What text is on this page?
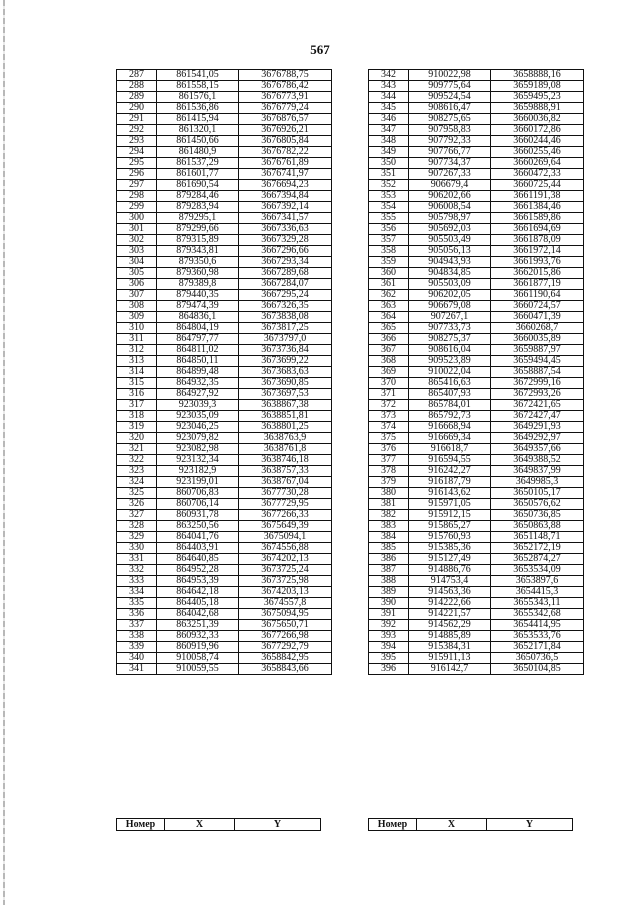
567
287	861541,05	3676788,75
288	861558,15	3676786,42
289	861576,1	3676773,91
290	861536,86	3676779,24
291	861415,94	3676876,57
292	861320,1	3676926,21
293	861450,66	3676805,84
294	861480,9	3676782,22
295	861537,29	3676761,89
296	861601,77	3676741,97
297	861690,54	3676694,23
298	879284,46	3667394,84
299	879283,94	3667392,14
300	879295,1	3667341,57
301	879299,66	3667336,63
302	879315,89	3667329,28
303	879343,81	3667296,66
304	879350,6	3667293,34
305	879360,98	3667289,68
306	879389,8	3667284,07
307	879440,35	3667295,24
308	879474,39	3667326,35
309	864836,1	3673838,08
310	864804,19	3673817,25
311	864797,77	3673797,0
312	864811,02	3673736,84
313	864850,11	3673699,22
314	864899,48	3673683,63
315	864932,35	3673690,85
316	864927,92	3673697,53
317	923039,3	3638867,38
318	923035,09	3638851,81
319	923046,25	3638801,25
320	923079,82	3638763,9
321	923082,98	3638761,8
322	923132,34	3638746,18
323	923182,9	3638757,33
324	923199,01	3638767,04
325	860706,83	3677730,28
326	860706,14	3677729,95
327	860931,78	3677266,33
328	863250,56	3675649,39
329	864041,76	3675094,1
330	864403,91	3674556,88
331	864640,85	3674202,13
332	864952,28	3673725,24
333	864953,39	3673725,98
334	864642,18	3674203,13
335	864405,18	3674557,8
336	864042,68	3675094,95
337	863251,39	3675650,71
338	860932,33	3677266,98
339	860919,96	3677292,79
340	910058,74	3658842,95
341	910059,55	3658843,66
342	910022,98	3658888,16
343	909775,64	3659189,08
344	909524,54	3659495,23
345	908616,47	3659888,91
346	908275,65	3660036,82
347	907958,83	3660172,86
348	907792,33	3660244,46
349	907766,77	3660255,46
350	907734,37	3660269,64
351	907267,33	3660472,33
352	906679,4	3660725,44
353	906202,66	3661191,38
354	906008,54	3661384,46
355	905798,97	3661589,86
356	905692,03	3661694,69
357	905503,49	3661878,09
358	905056,13	3661972,14
359	904943,93	3661993,76
360	904834,85	3662015,86
361	905503,09	3661877,19
362	906202,05	3661190,64
363	906679,08	3660724,57
364	907267,1	3660471,39
365	907733,73	3660268,7
366	908275,37	3660035,89
367	908616,04	3659887,97
368	909523,89	3659494,45
369	910022,04	3658887,54
370	865416,63	3672999,16
371	865407,93	3672993,26
372	865784,01	3672421,65
373	865792,73	3672427,47
374	916668,94	3649291,93
375	916669,34	3649292,97
376	916618,7	3649357,66
377	916594,55	3649388,52
378	916242,27	3649837,99
379	916187,79	3649985,3
380	916143,62	3650105,17
381	915971,05	3650576,62
382	915912,15	3650736,85
383	915865,27	3650863,88
384	915760,93	3651148,71
385	915385,36	3652172,19
386	915127,49	3652874,27
387	914886,76	3653534,09
388	914753,4	3653897,6
389	914563,36	3654415,3
390	914222,66	3655343,11
391	914221,57	3655342,68
392	914562,29	3654414,95
393	914885,89	3653533,76
394	915384,31	3652171,84
395	915911,13	3650736,5
396	916142,7	3650104,85
Номер	X	Y	Номер	X	Y
